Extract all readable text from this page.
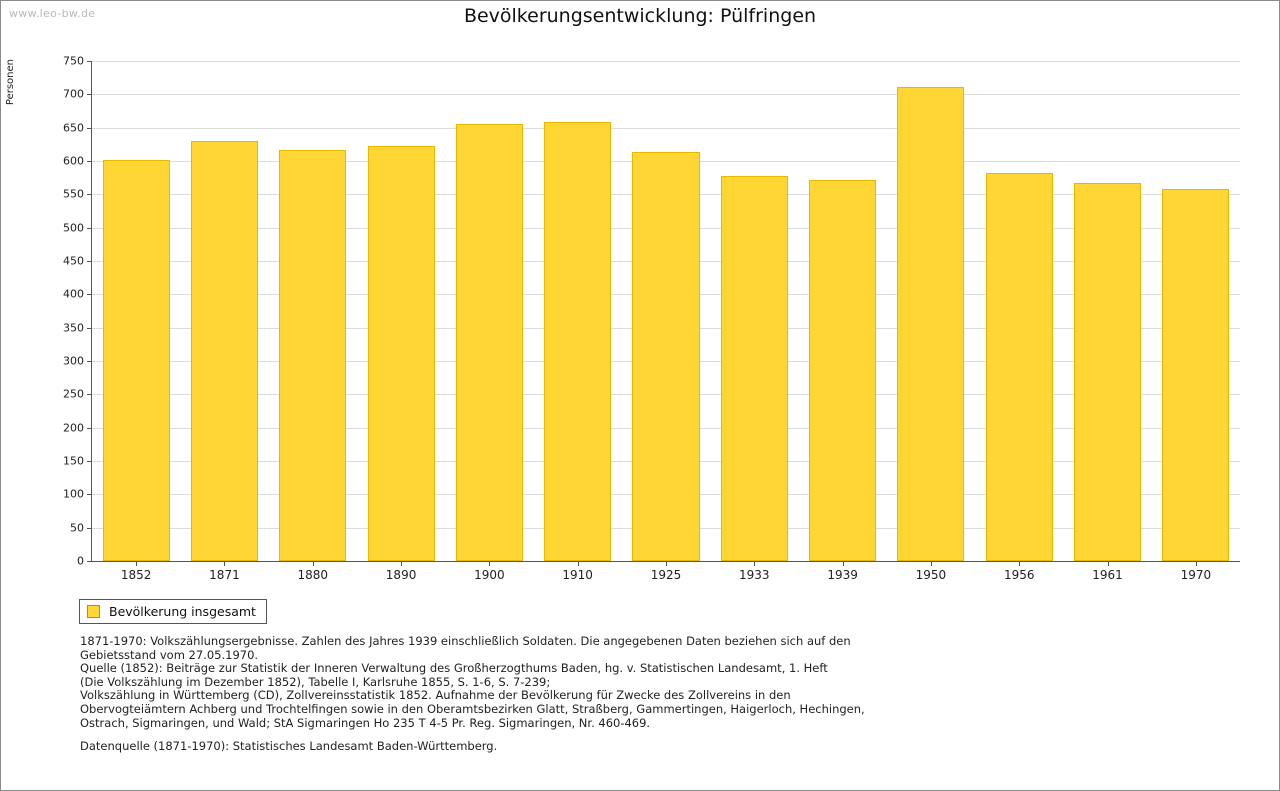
www.leo-bw.de	Bevölkerungsentwicklung: Pülfringen
Personen
0
50
100
150
200
250
300
350
400
450
500
550
600
650
700
750
1852	1871	1880	1890	1900	1910	1925	1933	1939	1950	1956	1961	1970
Bevölkerung insgesamt
1871-1970: Volkszählungsergebnisse. Zahlen des Jahres 1939 einschließlich Soldaten. Die angegebenen Daten beziehen sich auf den
Gebietsstand vom 27.05.1970.
Quelle (1852): Beiträge zur Statistik der Inneren Verwaltung des Großherzogthums Baden, hg. v. Statistischen Landesamt, 1. Heft
(Die Volkszählung im Dezember 1852), Tabelle I, Karlsruhe 1855, S. 1-6, S. 7-239;
Volkszählung in Württemberg (CD), Zollvereinsstatistik 1852. Aufnahme der Bevölkerung für Zwecke des Zollvereins in den
Obervogteiämtern Achberg und Trochtelfingen sowie in den Oberamtsbezirken Glatt, Straßberg, Gammertingen, Haigerloch, Hechingen,
Ostrach, Sigmaringen, und Wald; StA Sigmaringen Ho 235 T 4-5 Pr. Reg. Sigmaringen, Nr. 460-469.
Datenquelle (1871-1970): Statistisches Landesamt Baden-Württemberg.
